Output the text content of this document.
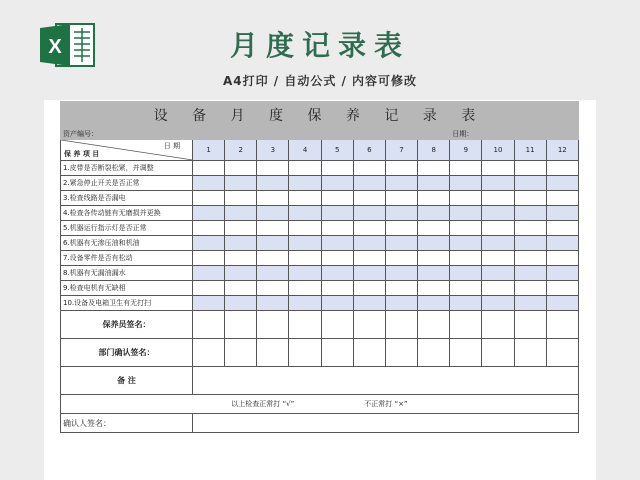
X	月度记录表
A4打印 / 自动公式 / 内容可修改
设 备 月 度 保 养 记 录 表												
资产编号：									日期：			

日 期
保 养 项 目	1	2	3	4	5	6	7	8	9	10	11	12
1.皮带是否断裂松紧，并调整												
2.紧急停止开关是否正常												
3.检查线路是否漏电												
4.检查各传动链有无磨损并更换												
5.机器运行指示灯是否正常												
6.机器有无渗压油和机油												
7.设备零件是否有松动												
8.机器有无漏油漏水												
9.检查电机有无缺相												
10.设备及电箱卫生有无打扫												
保养员签名：												
部门确认签名：												
备 注												
以上检查正常打 “√” 不正常打 “×”												
确认人签名：												
